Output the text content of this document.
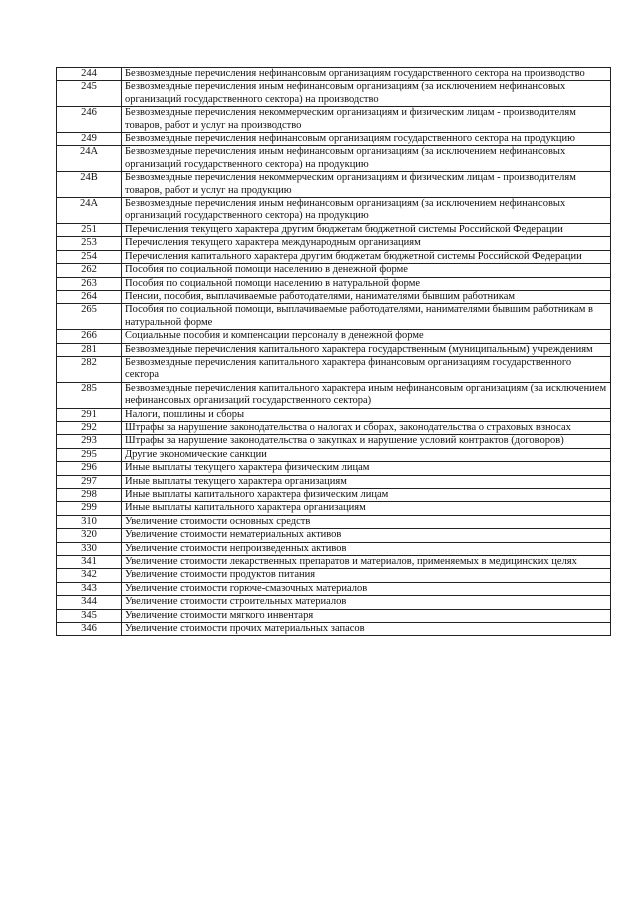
244	Безвозмездные перечисления нефинансовым организациям государственного сектора на производство
245	Безвозмездные перечисления иным нефинансовым организациям (за исключением нефинансовых организаций государственного сектора) на производство
246	Безвозмездные перечисления некоммерческим организациям и физическим лицам - производителям товаров, работ и услуг на производство
249	Безвозмездные перечисления нефинансовым организациям государственного сектора на продукцию
24А	Безвозмездные перечисления иным нефинансовым организациям (за исключением нефинансовых организаций государственного сектора) на продукцию
24В	Безвозмездные перечисления некоммерческим организациям и физическим лицам - производителям товаров, работ и услуг на продукцию
24А	Безвозмездные перечисления иным нефинансовым организациям (за исключением нефинансовых организаций государственного сектора) на продукцию
251	Перечисления текущего характера другим бюджетам бюджетной системы Российской Федерации
253	Перечисления текущего характера международным организациям
254	Перечисления капитального характера другим бюджетам бюджетной системы Российской Федерации
262	Пособия по социальной помощи населению в денежной форме
263	Пособия по социальной помощи населению в натуральной форме
264	Пенсии, пособия, выплачиваемые работодателями, нанимателями бывшим работникам
265	Пособия по социальной помощи, выплачиваемые работодателями, нанимателями бывшим работникам в натуральной форме
266	Социальные пособия и компенсации персоналу в денежной форме
281	Безвозмездные перечисления капитального характера государственным (муниципальным) учреждениям
282	Безвозмездные перечисления капитального характера финансовым организациям государственного сектора
285	Безвозмездные перечисления капитального характера иным нефинансовым организациям (за исключением нефинансовых организаций государственного сектора)
291	Налоги, пошлины и сборы
292	Штрафы за нарушение законодательства о налогах и сборах, законодательства о страховых взносах
293	Штрафы за нарушение законодательства о закупках и нарушение условий контрактов (договоров)
295	Другие экономические санкции
296	Иные выплаты текущего характера физическим лицам
297	Иные выплаты текущего характера организациям
298	Иные выплаты капитального характера физическим лицам
299	Иные выплаты капитального характера организациям
310	Увеличение стоимости основных средств
320	Увеличение стоимости нематериальных активов
330	Увеличение стоимости непроизведенных активов
341	Увеличение стоимости лекарственных препаратов и материалов, применяемых в медицинских целях
342	Увеличение стоимости продуктов питания
343	Увеличение стоимости горюче-смазочных материалов
344	Увеличение стоимости строительных материалов
345	Увеличение стоимости мягкого инвентаря
346	Увеличение стоимости прочих материальных запасов
